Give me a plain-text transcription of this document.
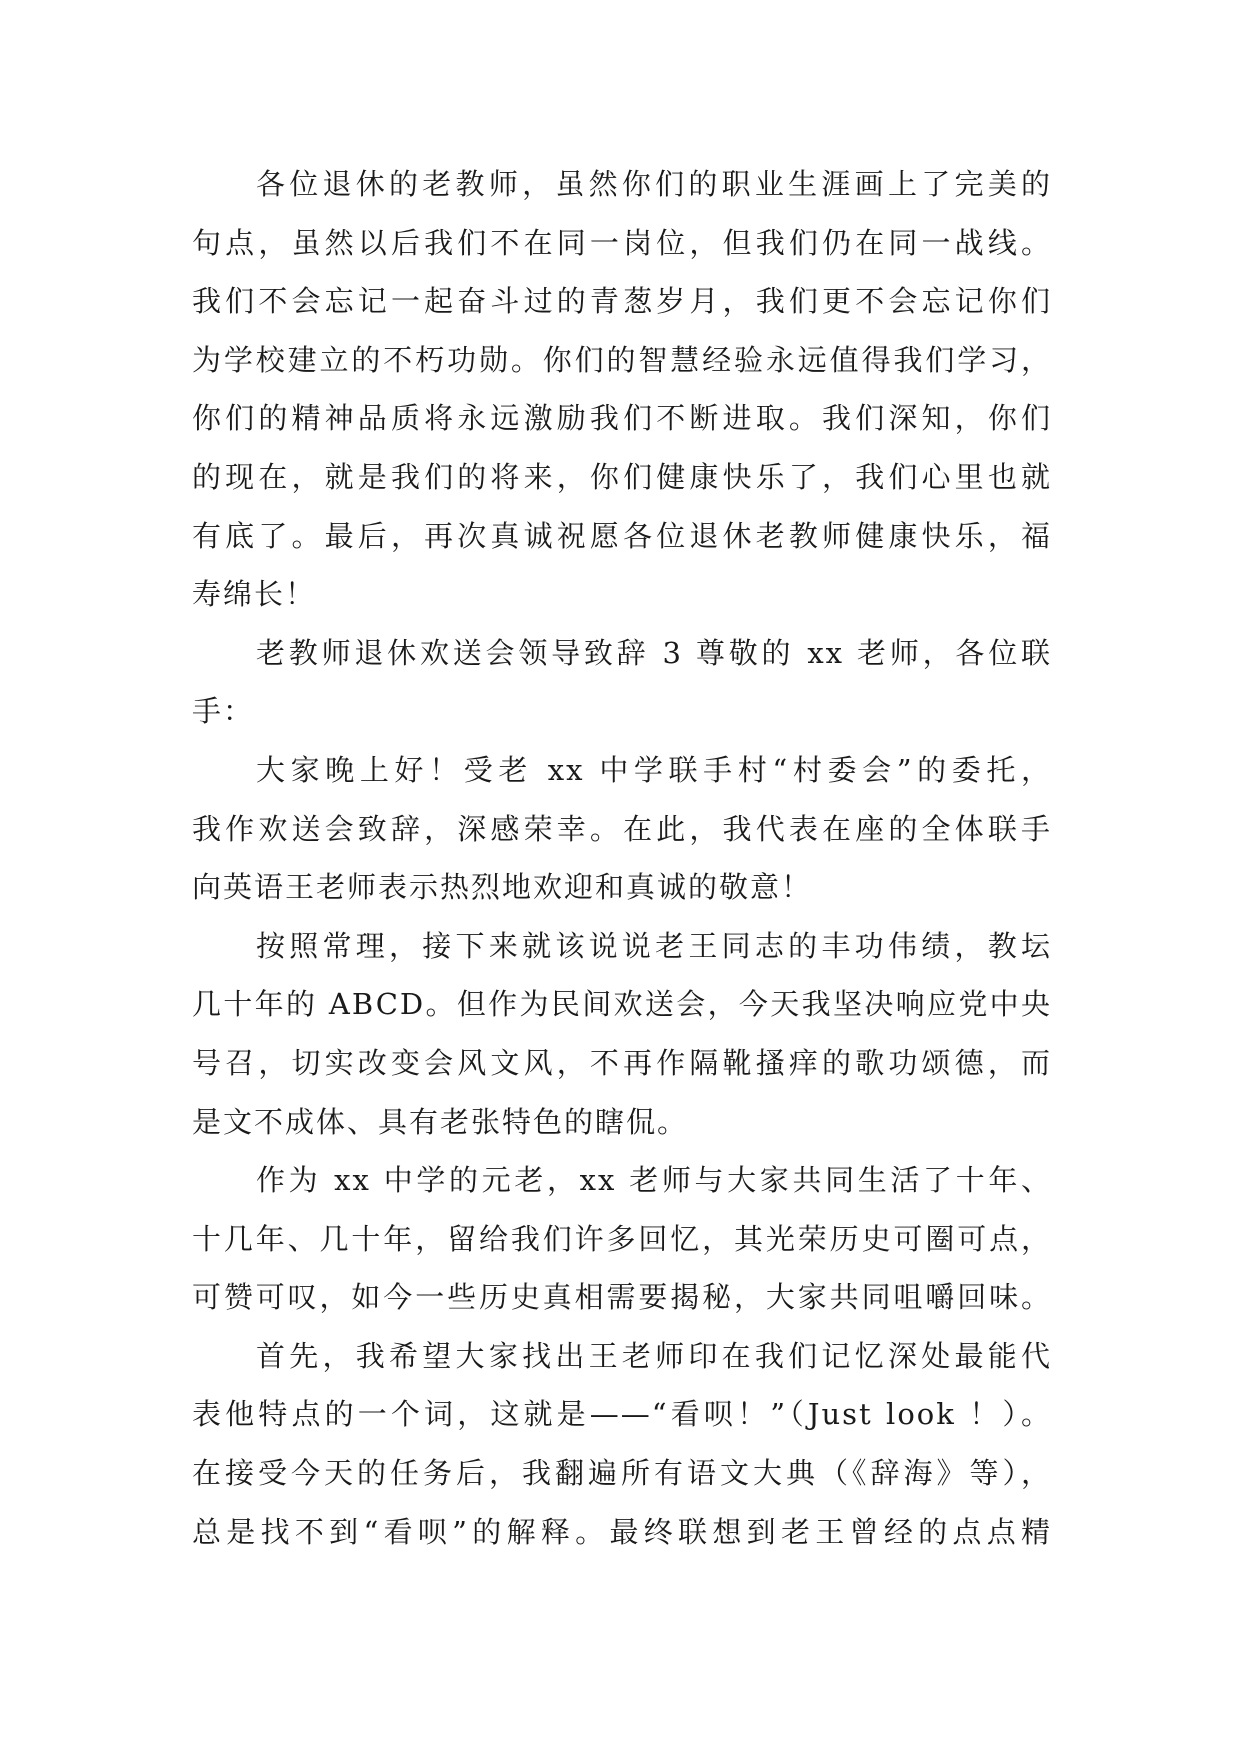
各位退休的老教师，虽然你们的职业生涯画上了完美的
句点，虽然以后我们不在同一岗位，但我们仍在同一战线。
我们不会忘记一起奋斗过的青葱岁月，我们更不会忘记你们
为学校建立的不朽功勋。你们的智慧经验永远值得我们学习，
你们的精神品质将永远激励我们不断进取。我们深知，你们
的现在，就是我们的将来，你们健康快乐了，我们心里也就
有底了。最后，再次真诚祝愿各位退休老教师健康快乐，福
寿绵长！
老教师退休欢送会领导致辞 3 尊敬的 xx 老师，各位联
手：
大家晚上好！受老 xx 中学联手村“村委会”的委托，
我作欢送会致辞，深感荣幸。在此，我代表在座的全体联手
向英语王老师表示热烈地欢迎和真诚的敬意！
按照常理，接下来就该说说老王同志的丰功伟绩，教坛
几十年的 ABCD。但作为民间欢送会，今天我坚决响应党中央
号召，切实改变会风文风，不再作隔靴搔痒的歌功颂德，而
是文不成体、具有老张特色的瞎侃。
作为 xx 中学的元老，xx 老师与大家共同生活了十年、
十几年、几十年，留给我们许多回忆，其光荣历史可圈可点，
可赞可叹，如今一些历史真相需要揭秘，大家共同咀嚼回味。
首先，我希望大家找出王老师印在我们记忆深处最能代
表他特点的一个词，这就是——“看呗！”（Just look ！）。
在接受今天的任务后，我翻遍所有语文大典（《辞海》等），
总是找不到“看呗”的解释。最终联想到老王曾经的点点精
